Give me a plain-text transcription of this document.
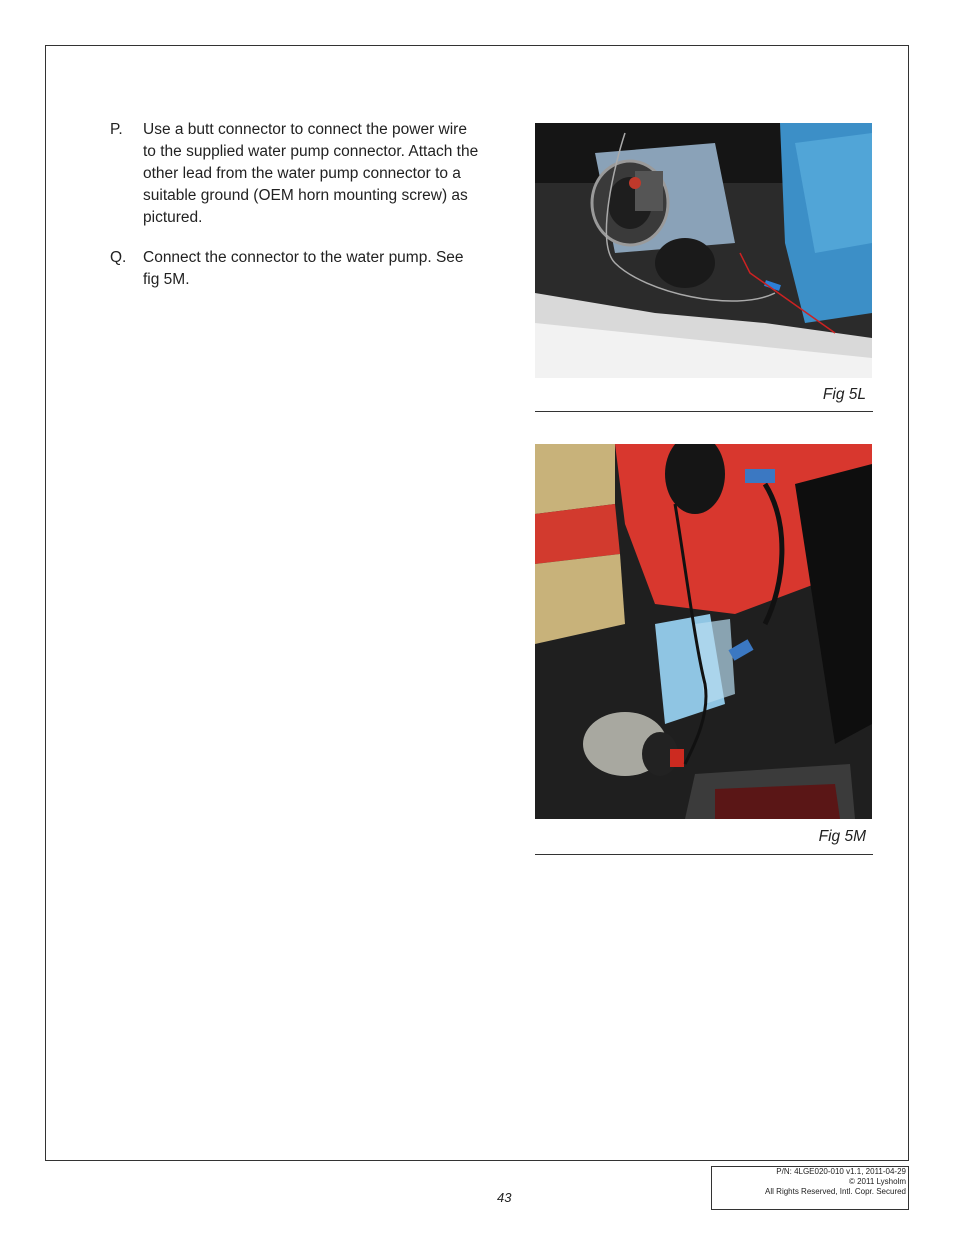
P. Use a butt connector to connect the power wire to the supplied water pump connector. Attach the other lead from the water pump connector to a suitable ground (OEM horn mounting screw) as pictured.
Q. Connect the connector to the water pump. See fig 5M.
Fig 5L
Fig 5M
43
P/N: 4LGE020-010 v1.1, 2011-04-29
© 2011 Lysholm
All Rights Reserved, Intl. Copr. Secured
